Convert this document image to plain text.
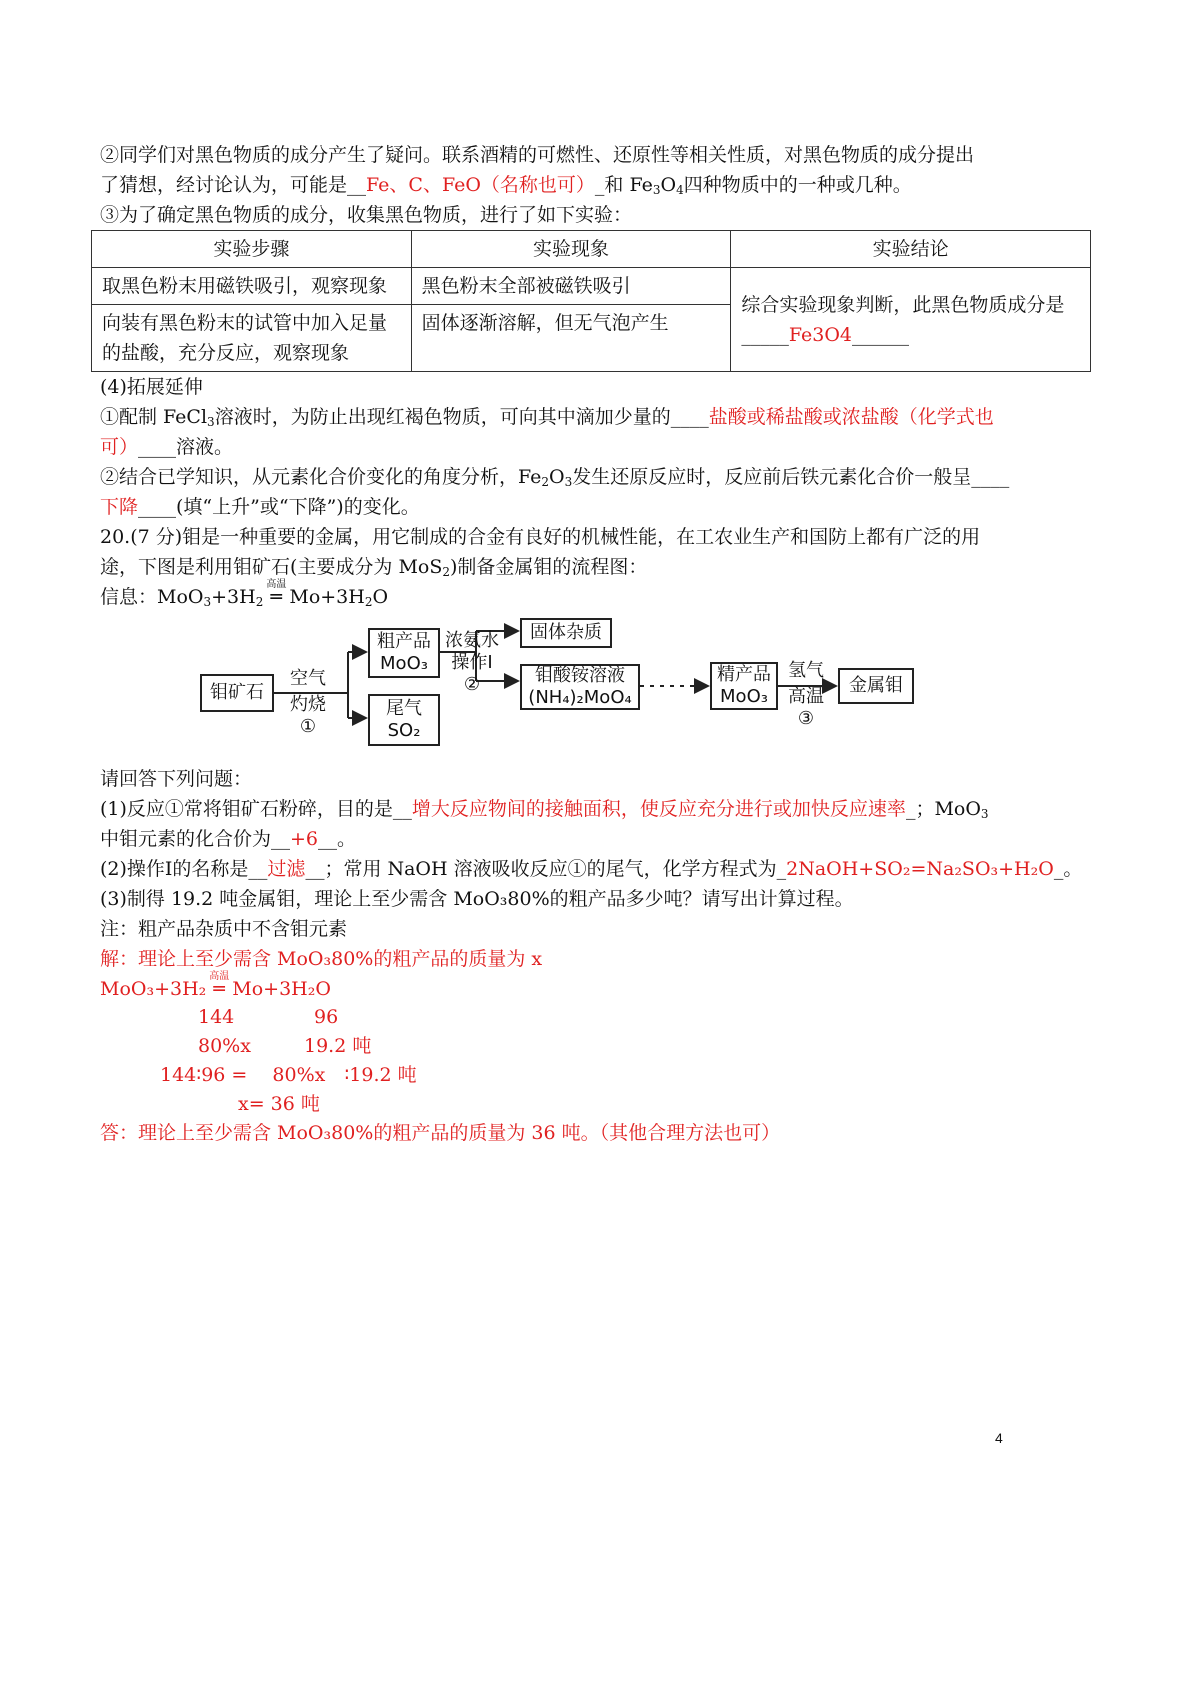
②同学们对黑色物质的成分产生了疑问。联系酒精的可燃性、还原性等相关性质，对黑色物质的成分提出
了猜想，经讨论认为，可能是__Fe、C、FeO（名称也可）_和 $Fe_3O_4$四种物质中的一种或几种。
③为了确定黑色物质的成分，收集黑色物质，进行了如下实验：
实验步骤	实验现象	实验结论
取黑色粉末用磁铁吸引，观察现象	黑色粉末全部被磁铁吸引	综合实验现象判断，此黑色物质成分是_____Fe3O4______
向装有黑色粉末的试管中加入足量的盐酸，充分反应，观察现象	固体逐渐溶解，但无气泡产生	
(4)拓展延伸
①配制 FeCl$_3$溶液时，为防止出现红褐色物质，可向其中滴加少量的____盐酸或稀盐酸或浓盐酸（化学式也
可）____溶液。
②结合已学知识，从元素化合价变化的角度分析，$Fe_2O_3$发生还原反应时，反应前后铁元素化合价一般呈____
下降____(填“上升”或“下降”)的变化。
20.(7 分)钼是一种重要的金属，用它制成的合金有良好的机械性能，在工农业生产和国防上都有广泛的用
途，下图是利用钼矿石(主要成分为 MoS$_2$)制备金属钼的流程图：
信息：$MoO_3+3H_2$
高温
═ $Mo+3H_2O$
钼矿石
空气
灼烧
①
粗产品
MoO₃
尾气
SO₂
浓氨水
操作Ⅰ
②
固体杂质
钼酸铵溶液
(NH₄)₂MoO₄
精产品
MoO₃
氢气
高温
③
金属钼
请回答下列问题：
(1)反应①常将钼矿石粉碎，目的是__增大反应物间的接触面积，使反应充分进行或加快反应速率_；MoO$_3$
中钼元素的化合价为__+6__。
(2)操作Ⅰ的名称是__过滤__；常用 NaOH 溶液吸收反应①的尾气，化学方程式为_2NaOH+SO₂=Na₂SO₃+H₂O_。
(3)制得 19.2 吨金属钼，理论上至少需含 MoO₃80%的粗产品多少吨？请写出计算过程。
注：粗产品杂质中不含钼元素
解：理论上至少需含 MoO₃80%的粗产品的质量为 x
MoO₃+3H₂
高温
═ Mo+3H₂O
144	96
80%x	19.2 吨
144∶96 =　 80%x　∶19.2 吨
x= 36 吨
答：理论上至少需含 MoO₃80%的粗产品的质量为 36 吨。（其他合理方法也可）
4
